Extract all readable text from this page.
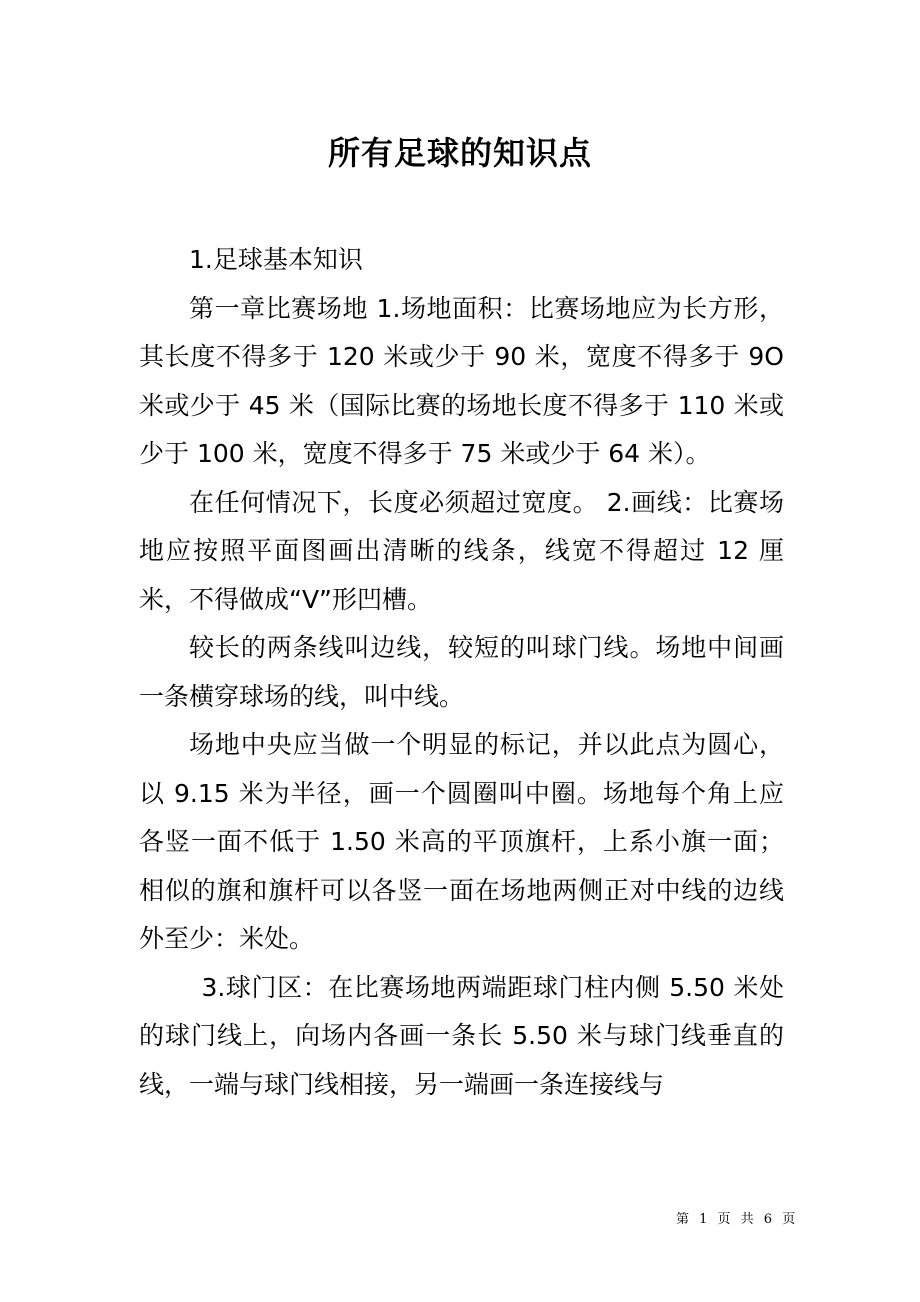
所有足球的知识点

1.足球基本知识

第一章比赛场地 1.场地面积：比赛场地应为长方形，其长度不得多于 120 米或少于 90 米，宽度不得多于 9O 米或少于 45 米（国际比赛的场地长度不得多于 110 米或少于 100 米，宽度不得多于 75 米或少于 64 米）。

在任何情况下，长度必须超过宽度。 2.画线：比赛场地应按照平面图画出清晰的线条，线宽不得超过 12 厘米，不得做成“V”形凹槽。

较长的两条线叫边线，较短的叫球门线。场地中间画一条横穿球场的线，叫中线。

场地中央应当做一个明显的标记，并以此点为圆心，以 9.15 米为半径，画一个圆圈叫中圈。场地每个角上应各竖一面不低于 1.50 米高的平顶旗杆，上系小旗一面；相似的旗和旗杆可以各竖一面在场地两侧正对中线的边线外至少：米处。

3.球门区：在比赛场地两端距球门柱内侧 5.50 米处的球门线上，向场内各画一条长 5.50 米与球门线垂直的线，一端与球门线相接，另一端画一条连接线与

第 1 页 共 6 页
